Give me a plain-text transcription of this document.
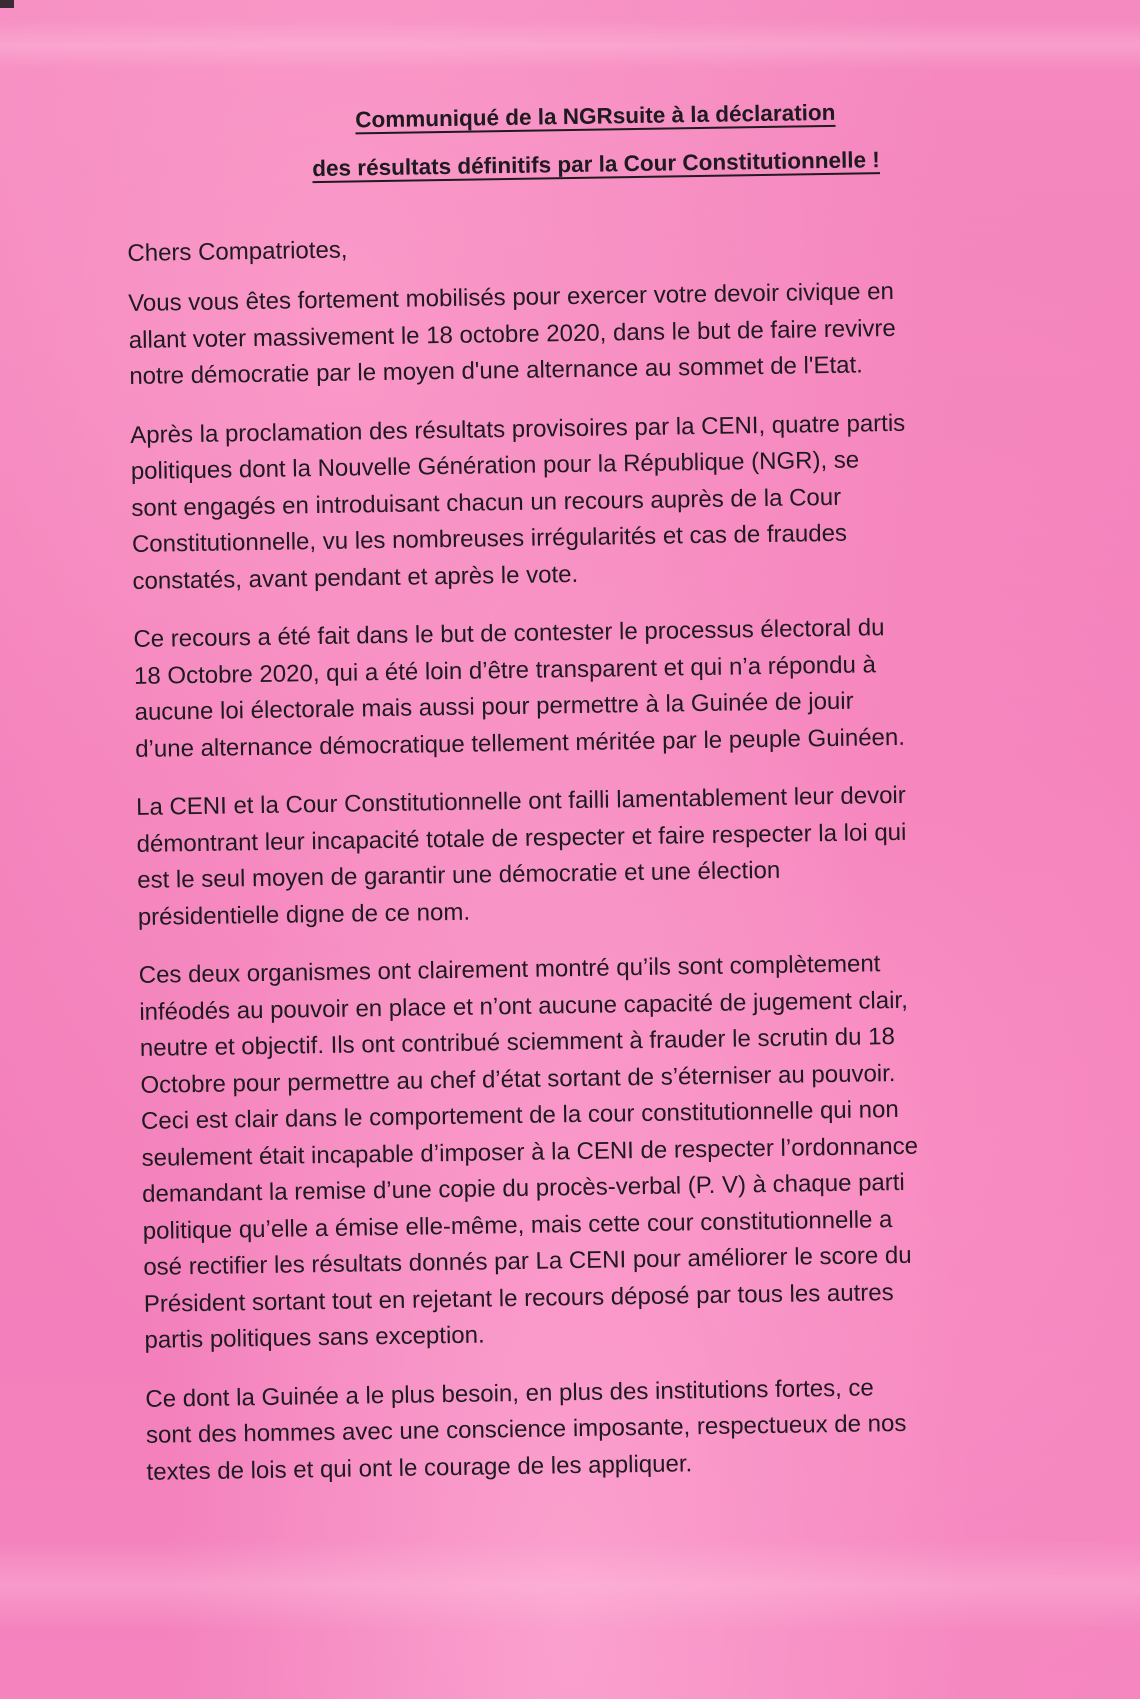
Communiqué de la NGRsuite à la déclaration
des résultats définitifs par la Cour Constitutionnelle !
Chers Compatriotes,
Vous vous êtes fortement mobilisés pour exercer votre devoir civique en
allant voter massivement le 18 octobre 2020, dans le but de faire revivre
notre démocratie par le moyen d'une alternance au sommet de l'Etat.
Après la proclamation des résultats provisoires par la CENI, quatre partis
politiques dont la Nouvelle Génération pour la République (NGR), se
sont engagés en introduisant chacun un recours auprès de la Cour
Constitutionnelle, vu les nombreuses irrégularités et cas de fraudes
constatés, avant pendant et après le vote.
Ce recours a été fait dans le but de contester le processus électoral du
18 Octobre 2020, qui a été loin d’être transparent et qui n’a répondu à
aucune loi électorale mais aussi pour permettre à la Guinée de jouir
d’une alternance démocratique tellement méritée par le peuple Guinéen.
La CENI et la Cour Constitutionnelle ont failli lamentablement leur devoir
démontrant leur incapacité totale de respecter et faire respecter la loi qui
est le seul moyen de garantir une démocratie et une élection
présidentielle digne de ce nom.
Ces deux organismes ont clairement montré qu’ils sont complètement
inféodés au pouvoir en place et n’ont aucune capacité de jugement clair,
neutre et objectif. Ils ont contribué sciemment à frauder le scrutin du 18
Octobre pour permettre au chef d’état sortant de s’éterniser au pouvoir.
Ceci est clair dans le comportement de la cour constitutionnelle qui non
seulement était incapable d’imposer à la CENI de respecter l’ordonnance
demandant la remise d’une copie du procès-verbal (P. V) à chaque parti
politique qu’elle a émise elle-même, mais cette cour constitutionnelle a
osé rectifier les résultats donnés par La CENI pour améliorer le score du
Président sortant tout en rejetant le recours déposé par tous les autres
partis politiques sans exception.
Ce dont la Guinée a le plus besoin, en plus des institutions fortes, ce
sont des hommes avec une conscience imposante, respectueux de nos
textes de lois et qui ont le courage de les appliquer.
